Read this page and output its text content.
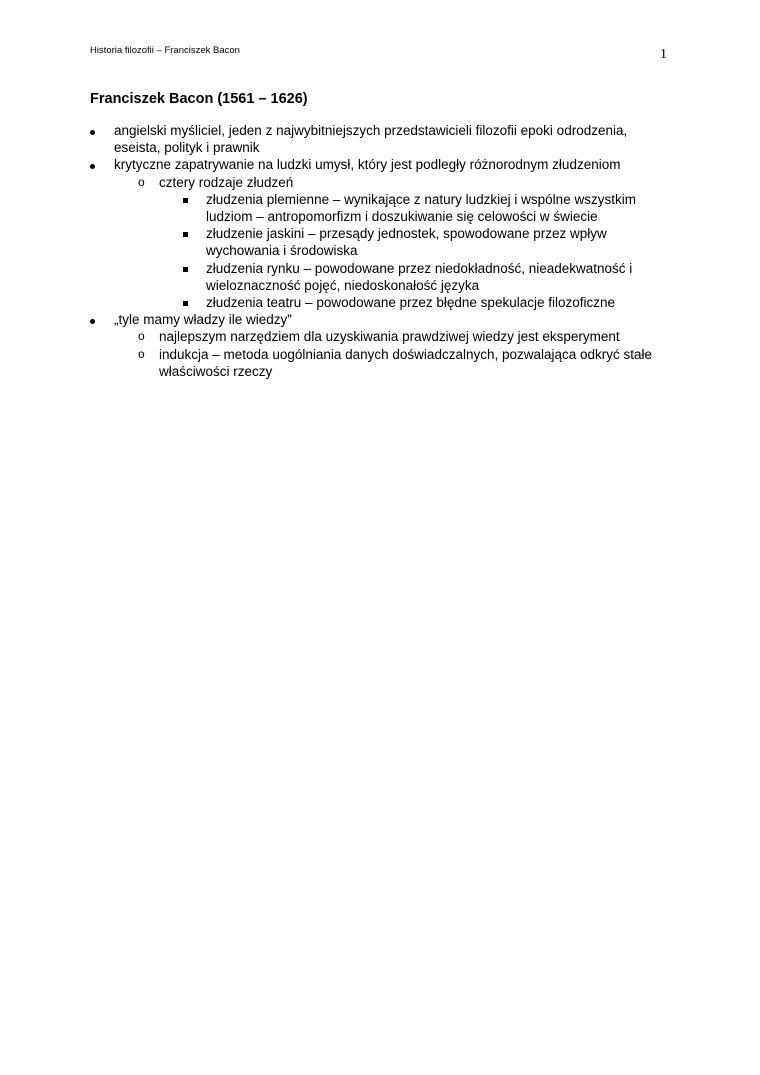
Historia filozofii – Franciszek Bacon	1
Franciszek Bacon (1561 – 1626)
angielski myśliciel, jeden z najwybitniejszych przedstawicieli filozofii epoki odrodzenia, eseista, polityk i prawnik
krytyczne zapatrywanie na ludzki umysł, który jest podległy różnorodnym złudzeniom
o cztery rodzaje złudzeń
złudzenia plemienne – wynikające z natury ludzkiej i wspólne wszystkim ludziom – antropomorfizm i doszukiwanie się celowości w świecie
złudzenie jaskini – przesądy jednostek, spowodowane przez wpływ wychowania i środowiska
złudzenia rynku – powodowane przez niedokładność, nieadekwatność i wieloznaczność pojęć, niedoskonałość języka
złudzenia teatru – powodowane przez błędne spekulacje filozoficzne
„tyle mamy władzy ile wiedzy”
o najlepszym narzędziem dla uzyskiwania prawdziwej wiedzy jest eksperyment
o indukcja – metoda uogólniania danych doświadczalnych, pozwalająca odkryć stałe właściwości rzeczy
